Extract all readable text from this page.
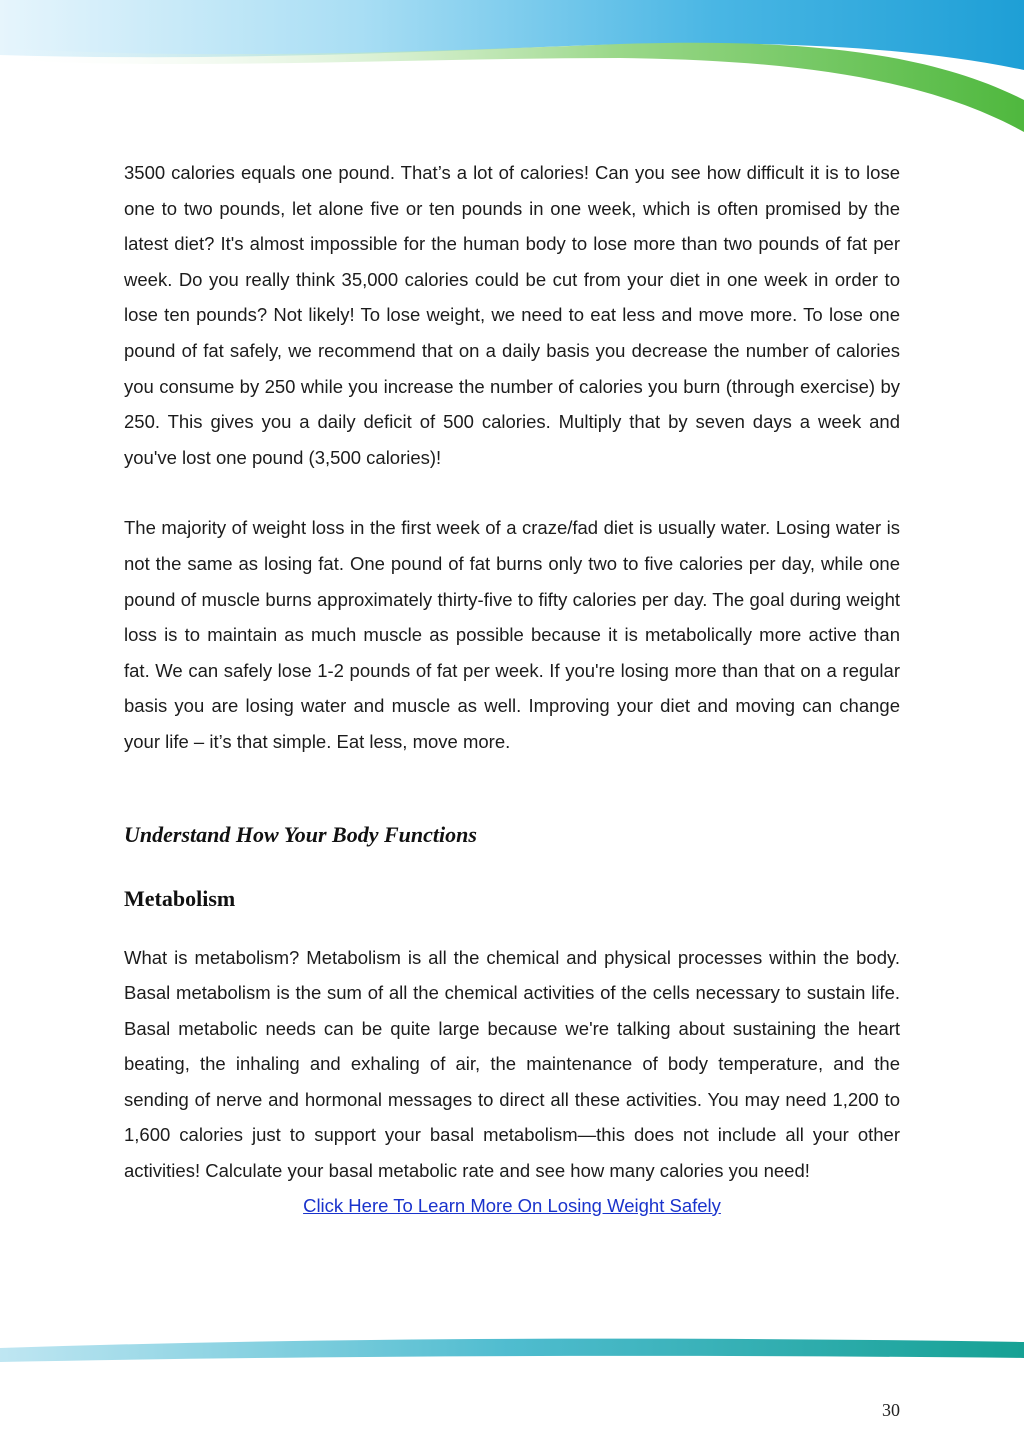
3500 calories equals one pound. That’s a lot of calories! Can you see how difficult it is to lose one to two pounds, let alone five or ten pounds in one week, which is often promised by the latest diet? It's almost impossible for the human body to lose more than two pounds of fat per week. Do you really think 35,000 calories could be cut from your diet in one week in order to lose ten pounds? Not likely! To lose weight, we need to eat less and move more. To lose one pound of fat safely, we recommend that on a daily basis you decrease the number of calories you consume by 250 while you increase the number of calories you burn (through exercise) by 250. This gives you a daily deficit of 500 calories. Multiply that by seven days a week and you've lost one pound (3,500 calories)!

The majority of weight loss in the first week of a craze/fad diet is usually water. Losing water is not the same as losing fat. One pound of fat burns only two to five calories per day, while one pound of muscle burns approximately thirty-five to fifty calories per day. The goal during weight loss is to maintain as much muscle as possible because it is metabolically more active than fat. We can safely lose 1-2 pounds of fat per week. If you're losing more than that on a regular basis you are losing water and muscle as well. Improving your diet and moving can change your life – it’s that simple. Eat less, move more.

Understand How Your Body Functions
Metabolism

What is metabolism? Metabolism is all the chemical and physical processes within the body. Basal metabolism is the sum of all the chemical activities of the cells necessary to sustain life. Basal metabolic needs can be quite large because we're talking about sustaining the heart beating, the inhaling and exhaling of air, the maintenance of body temperature, and the sending of nerve and hormonal messages to direct all these activities. You may need 1,200 to 1,600 calories just to support your basal metabolism—this does not include all your other activities! Calculate your basal metabolic rate and see how many calories you need!

Click Here To Learn More On Losing Weight Safely
30
